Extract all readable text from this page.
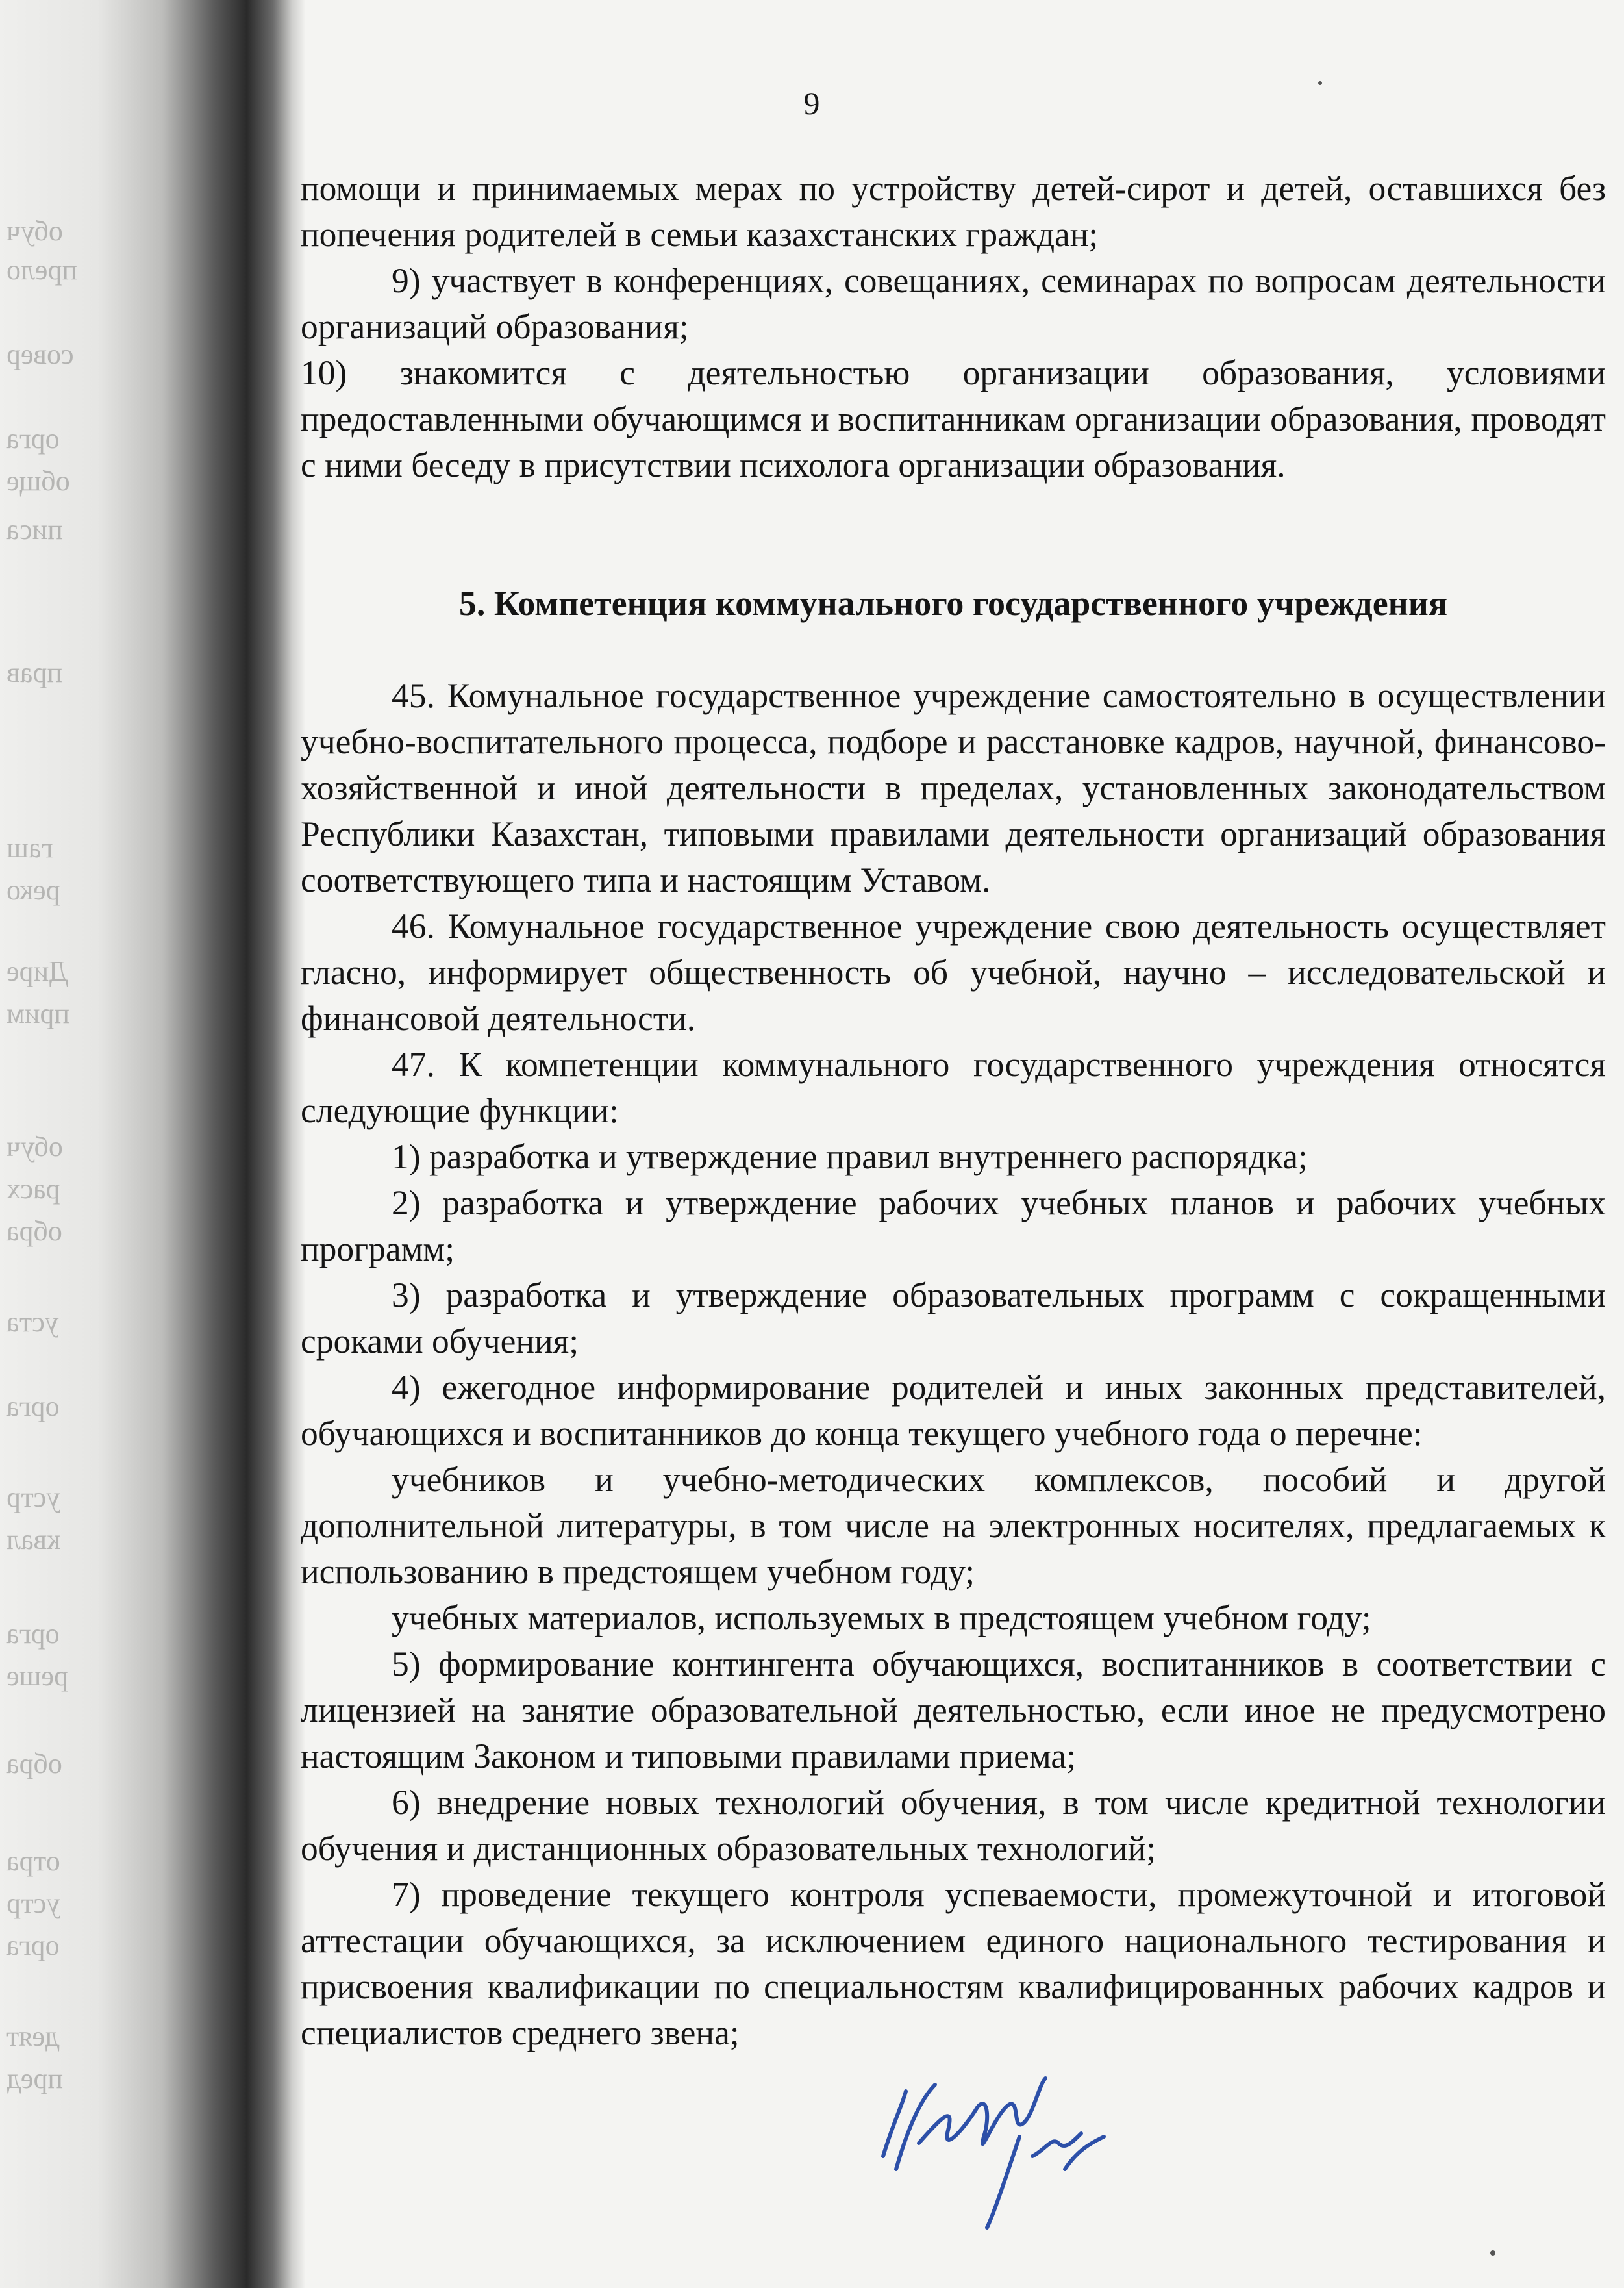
обуч
прело
совер
орга
обще
писа
прав
гаш
реко
Дире
прим
обуч
расх
обра
уста
орга
устр
квал
орга
реше
обра
отра
устр
орга
деят
пред
9

помощи и принимаемых мерах по устройству детей-сирот и детей, оставшихся без попечения родителей в семьи казахстанских граждан;

9) участвует в конференциях, совещаниях, семинарах по вопросам деятельности организаций образования;

10) знакомится с деятельностью организации образования, условиями предоставленными обучающимся и воспитанникам организации образования, проводят с ними беседу в присутствии психолога организации образования.

5. Компетенция коммунального государственного учреждения

45. Комунальное государственное учреждение самостоятельно в осуществлении учебно-воспитательного процесса, подборе и расстановке кадров, научной, финансово-хозяйственной и иной деятельности в пределах, установленных законодательством Республики Казахстан, типовыми правилами деятельности организаций образования соответствующего типа и настоящим Уставом.

46. Комунальное государственное учреждение свою деятельность осуществляет гласно, информирует общественность об учебной, научно – исследовательской и финансовой деятельности.

47. К компетенции коммунального государственного учреждения относятся следующие функции:

1) разработка и утверждение правил внутреннего распорядка;

2) разработка и утверждение рабочих учебных планов и рабочих учебных программ;

3) разработка и утверждение образовательных программ с сокращенными сроками обучения;

4) ежегодное информирование родителей и иных законных представителей, обучающихся и воспитанников до конца текущего учебного года о перечне:

учебников и учебно-методических комплексов, пособий и другой дополнительной литературы, в том числе на электронных носителях, предлагаемых к использованию в предстоящем учебном году;

учебных материалов, используемых в предстоящем учебном году;

5) формирование контингента обучающихся, воспитанников в соответствии с лицензией на занятие образовательной деятельностью, если иное не предусмотрено настоящим Законом и типовыми правилами приема;

6) внедрение новых технологий обучения, в том числе кредитной технологии обучения и дистанционных образовательных технологий;

7) проведение текущего контроля успеваемости, промежуточной и итоговой аттестации обучающихся, за исключением единого национального тестирования и присвоения квалификации по специальностям квалифицированных рабочих кадров и специалистов среднего звена;
